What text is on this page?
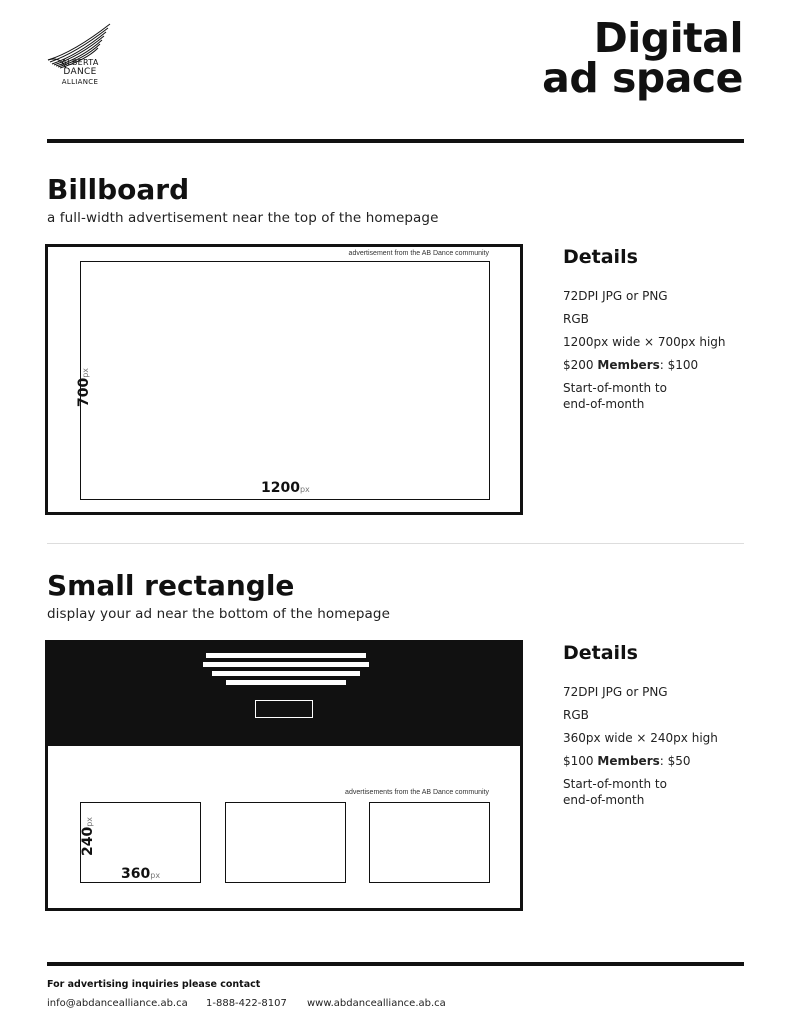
ALBERTA
DANCE
ALLIANCE
Digital
ad space
Billboard
a full-width advertisement near the top of the homepage
advertisement from the AB Dance community
700px
1200px
Details
72DPI JPG or PNG
RGB
1200px wide × 700px high
$200 Members: $100
Start-of-month to
end-of-month
Small rectangle
display your ad near the bottom of the homepage
advertisements from the AB Dance community
240px
360px
Details
72DPI JPG or PNG
RGB
360px wide × 240px high
$100 Members: $50
Start-of-month to
end-of-month
For advertising inquiries please contact
info@abdancealliance.ab.ca 1-888-422-8107 www.abdancealliance.ab.ca
